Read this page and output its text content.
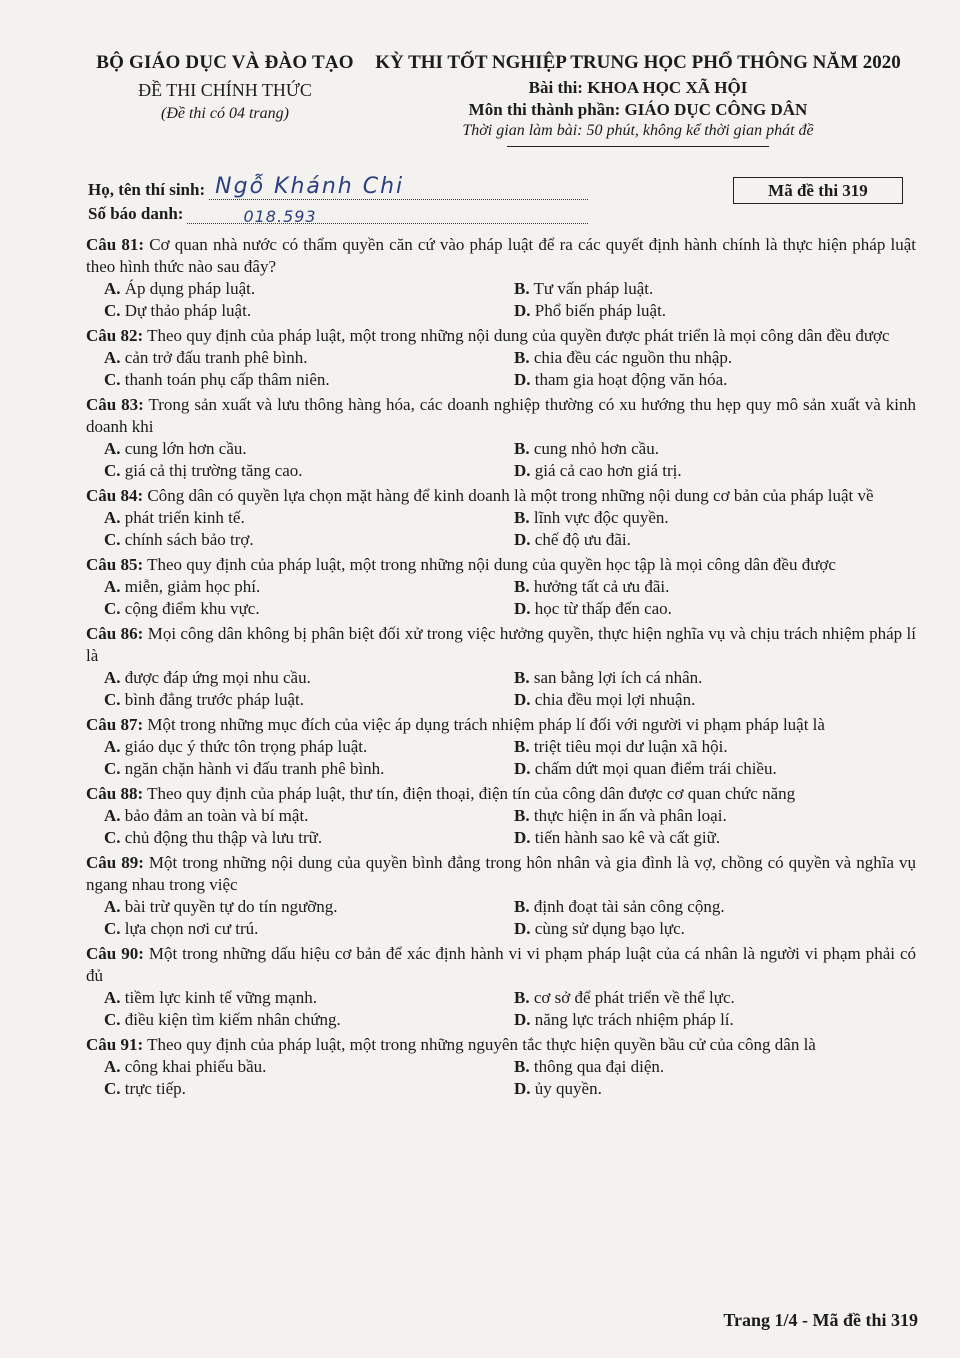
BỘ GIÁO DỤC VÀ ĐÀO TẠO
ĐỀ THI CHÍNH THỨC
(Đề thi có 04 trang)
KỲ THI TỐT NGHIỆP TRUNG HỌC PHỔ THÔNG NĂM 2020
Bài thi: KHOA HỌC XÃ HỘI
Môn thi thành phần: GIÁO DỤC CÔNG DÂN
Thời gian làm bài: 50 phút, không kể thời gian phát đề
Họ, tên thí sinh: Ngỗ Khánh Chi
Số báo danh:	018.593
Mã đề thi 319
Câu 81: Cơ quan nhà nước có thẩm quyền căn cứ vào pháp luật để ra các quyết định hành chính là thực hiện pháp luật theo hình thức nào sau đây?
A. Áp dụng pháp luật.	B. Tư vấn pháp luật.
C. Dự thảo pháp luật.	D. Phổ biến pháp luật.
Câu 82: Theo quy định của pháp luật, một trong những nội dung của quyền được phát triển là mọi công dân đều được
A. cản trở đấu tranh phê bình.	B. chia đều các nguồn thu nhập.
C. thanh toán phụ cấp thâm niên.	D. tham gia hoạt động văn hóa.
Câu 83: Trong sản xuất và lưu thông hàng hóa, các doanh nghiệp thường có xu hướng thu hẹp quy mô sản xuất và kinh doanh khi
A. cung lớn hơn cầu.	B. cung nhỏ hơn cầu.
C. giá cả thị trường tăng cao.	D. giá cả cao hơn giá trị.
Câu 84: Công dân có quyền lựa chọn mặt hàng để kinh doanh là một trong những nội dung cơ bản của pháp luật về
A. phát triển kinh tế.	B. lĩnh vực độc quyền.
C. chính sách bảo trợ.	D. chế độ ưu đãi.
Câu 85: Theo quy định của pháp luật, một trong những nội dung của quyền học tập là mọi công dân đều được
A. miễn, giảm học phí.	B. hưởng tất cả ưu đãi.
C. cộng điểm khu vực.	D. học từ thấp đến cao.
Câu 86: Mọi công dân không bị phân biệt đối xử trong việc hưởng quyền, thực hiện nghĩa vụ và chịu trách nhiệm pháp lí là
A. được đáp ứng mọi nhu cầu.	B. san bằng lợi ích cá nhân.
C. bình đẳng trước pháp luật.	D. chia đều mọi lợi nhuận.
Câu 87: Một trong những mục đích của việc áp dụng trách nhiệm pháp lí đối với người vi phạm pháp luật là
A. giáo dục ý thức tôn trọng pháp luật.	B. triệt tiêu mọi dư luận xã hội.
C. ngăn chặn hành vi đấu tranh phê bình.	D. chấm dứt mọi quan điểm trái chiều.
Câu 88: Theo quy định của pháp luật, thư tín, điện thoại, điện tín của công dân được cơ quan chức năng
A. bảo đảm an toàn và bí mật.	B. thực hiện in ấn và phân loại.
C. chủ động thu thập và lưu trữ.	D. tiến hành sao kê và cất giữ.
Câu 89: Một trong những nội dung của quyền bình đẳng trong hôn nhân và gia đình là vợ, chồng có quyền và nghĩa vụ ngang nhau trong việc
A. bài trừ quyền tự do tín ngưỡng.	B. định đoạt tài sản công cộng.
C. lựa chọn nơi cư trú.	D. cùng sử dụng bạo lực.
Câu 90: Một trong những dấu hiệu cơ bản để xác định hành vi vi phạm pháp luật của cá nhân là người vi phạm phải có đủ
A. tiềm lực kinh tế vững mạnh.	B. cơ sở để phát triển về thể lực.
C. điều kiện tìm kiếm nhân chứng.	D. năng lực trách nhiệm pháp lí.
Câu 91: Theo quy định của pháp luật, một trong những nguyên tắc thực hiện quyền bầu cử của công dân là
A. công khai phiếu bầu.	B. thông qua đại diện.
C. trực tiếp.	D. ủy quyền.
Trang 1/4 - Mã đề thi 319
